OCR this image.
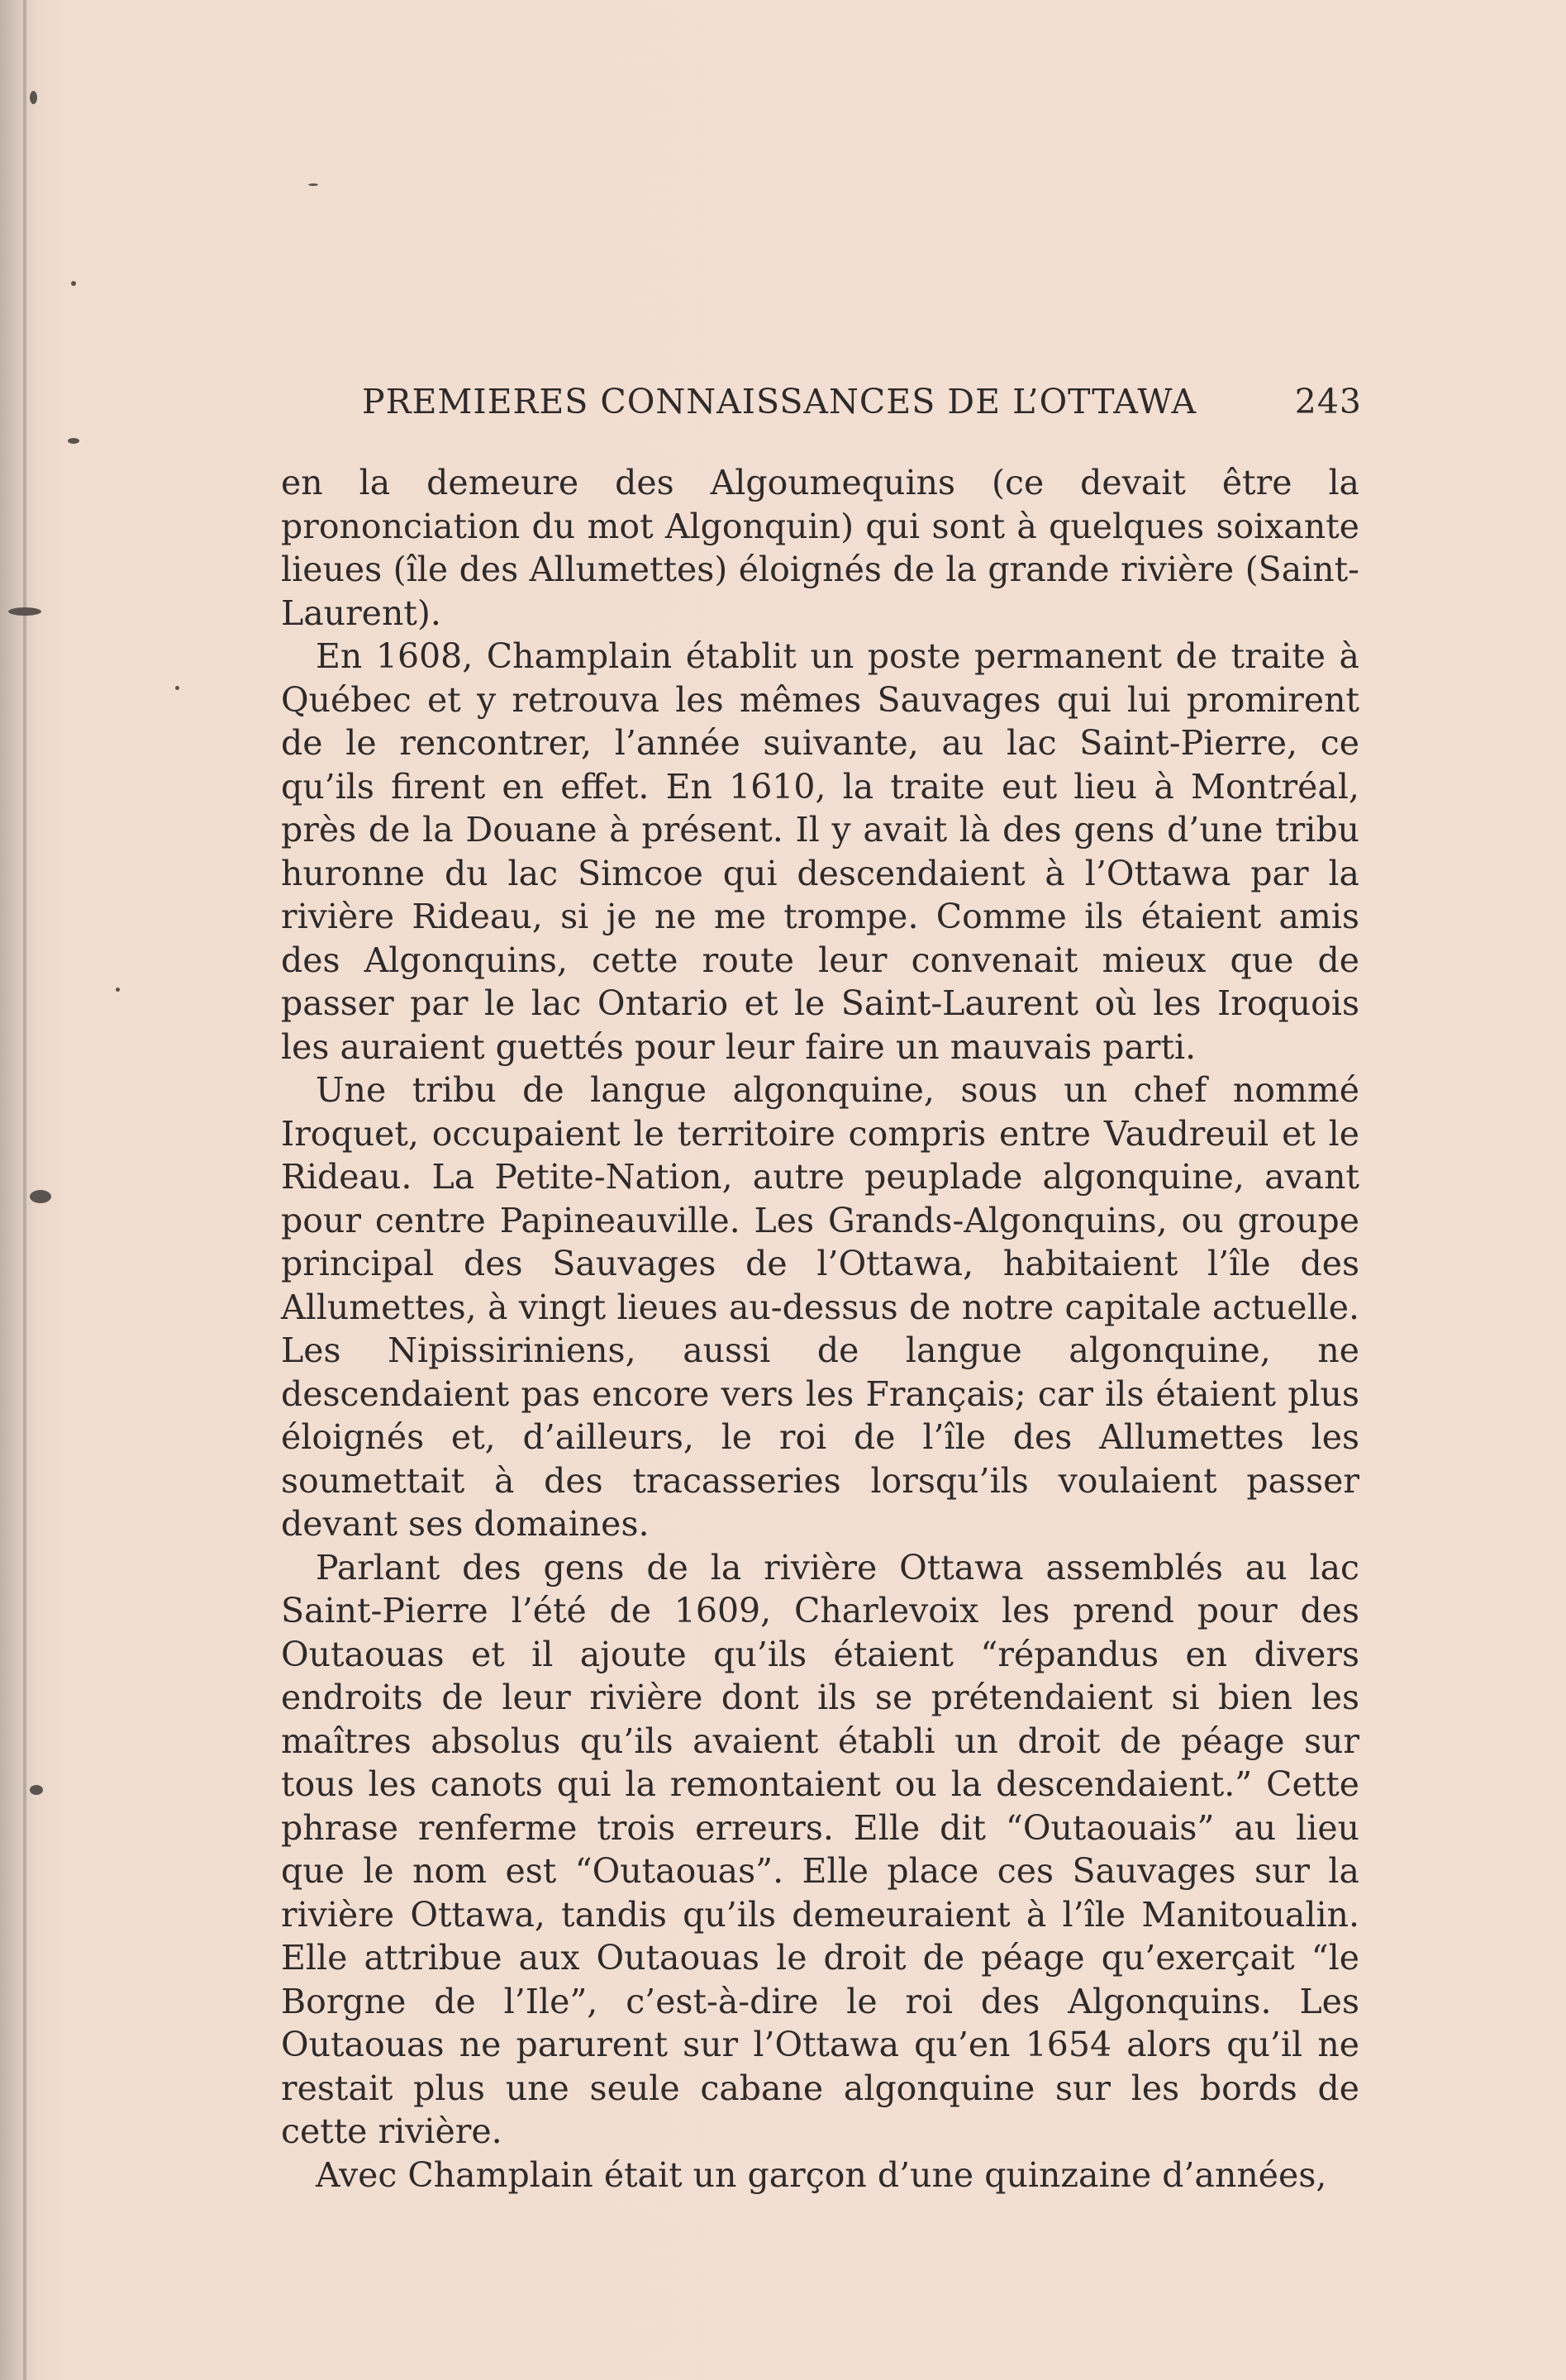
PREMIERES CONNAISSANCES DE L’OTTAWA	243

en la demeure des Algoumequins (ce devait être la prononciation du mot Algonquin) qui sont à quelques soixante lieues (île des Allumettes) éloignés de la grande rivière (Saint-Laurent).

En 1608, Champlain établit un poste permanent de traite à Québec et y retrouva les mêmes Sauvages qui lui promirent de le rencontrer, l’année suivante, au lac Saint-Pierre, ce qu’ils firent en effet. En 1610, la traite eut lieu à Montréal, près de la Douane à présent. Il y avait là des gens d’une tribu huronne du lac Simcoe qui descendaient à l’Ottawa par la rivière Rideau, si je ne me trompe. Comme ils étaient amis des Algonquins, cette route leur convenait mieux que de passer par le lac Ontario et le Saint-Laurent où les Iroquois les auraient guettés pour leur faire un mauvais parti.

Une tribu de langue algonquine, sous un chef nommé Iroquet, occupaient le territoire compris entre Vaudreuil et le Rideau. La Petite-Nation, autre peuplade algonquine, avant pour centre Papineauville. Les Grands-Algonquins, ou groupe principal des Sauvages de l’Ottawa, habitaient l’île des Allumettes, à vingt lieues au-dessus de notre capitale actuelle. Les Nipissiriniens, aussi de langue algonquine, ne descendaient pas encore vers les Français; car ils étaient plus éloignés et, d’ailleurs, le roi de l’île des Allumettes les soumettait à des tracasseries lorsqu’ils voulaient passer devant ses domaines.

Parlant des gens de la rivière Ottawa assemblés au lac Saint-Pierre l’été de 1609, Charlevoix les prend pour des Outaouas et il ajoute qu’ils étaient “répandus en divers endroits de leur rivière dont ils se prétendaient si bien les maîtres absolus qu’ils avaient établi un droit de péage sur tous les canots qui la remontaient ou la descendaient.” Cette phrase renferme trois erreurs. Elle dit “Outaouais” au lieu que le nom est “Outaouas”. Elle place ces Sauvages sur la rivière Ottawa, tandis qu’ils demeuraient à l’île Manitoualin. Elle attribue aux Outaouas le droit de péage qu’exerçait “le Borgne de l’Ile”, c’est-à-dire le roi des Algonquins. Les Outaouas ne parurent sur l’Ottawa qu’en 1654 alors qu’il ne restait plus une seule cabane algonquine sur les bords de cette rivière.

Avec Champlain était un garçon d’une quinzaine d’années,
